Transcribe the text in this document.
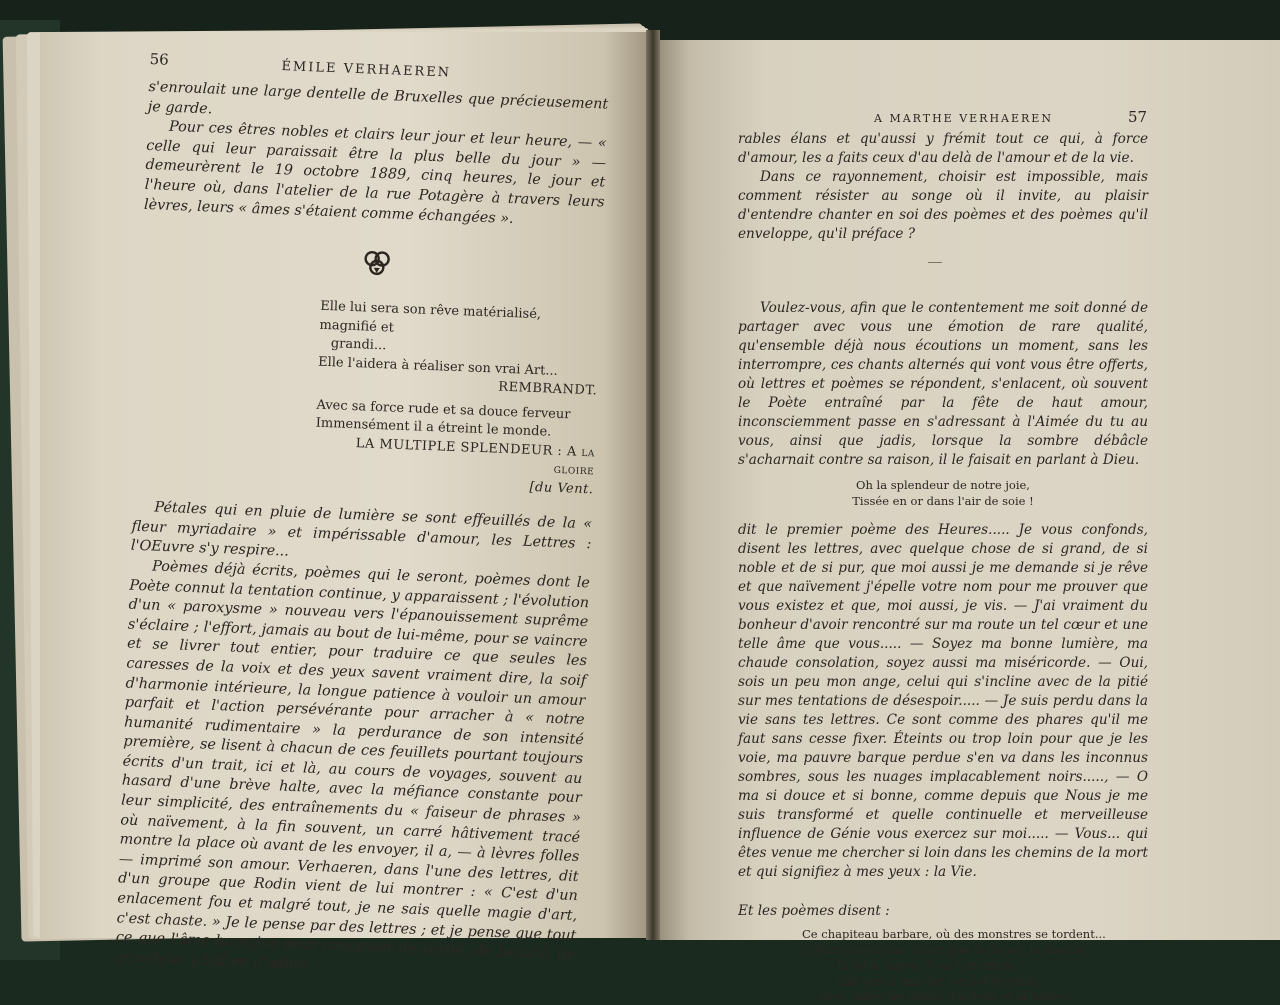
56	ÉMILE VERHAEREN

s'enroulait une large dentelle de Bruxelles que précieusement je garde.

Pour ces êtres nobles et clairs leur jour et leur heure, — « celle qui leur paraissait être la plus belle du jour » — demeurèrent le 19 octobre 1889, cinq heures, le jour et l'heure où, dans l'atelier de la rue Potagère à travers leurs lèvres, leurs « âmes s'étaient comme échangées ».

Elle lui sera son rêve matérialisé, magnifié et
grandi...
Elle l'aidera à réaliser son vrai Art...
REMBRANDT.
Avec sa force rude et sa douce ferveur
Immensément il a étreint le monde.
LA MULTIPLE SPLENDEUR : A la gloire
[du Vent.

Pétales qui en pluie de lumière se sont effeuillés de la « fleur myriadaire » et impérissable d'amour, les Lettres : l'OEuvre s'y respire...

Poèmes déjà écrits, poèmes qui le seront, poèmes dont le Poète connut la tentation continue, y apparaissent ; l'évolution d'un « paroxysme » nouveau vers l'épanouissement suprême s'éclaire ; l'effort, jamais au bout de lui-même, pour se vaincre et se livrer tout entier, pour traduire ce que seules les caresses de la voix et des yeux savent vraiment dire, la soif d'harmonie intérieure, la longue patience à vouloir un amour parfait et l'action persévérante pour arracher à « notre humanité rudimentaire » la perdurance de son intensité première, se lisent à chacun de ces feuillets pourtant toujours écrits d'un trait, ici et là, au cours de voyages, souvent au hasard d'une brève halte, avec la méfiance constante pour leur simplicité, des entraînements du « faiseur de phrases » où naïvement, à la fin souvent, un carré hâtivement tracé montre la place où avant de les envoyer, il a, — à lèvres folles — imprimé son amour. Verhaeren, dans l'une des lettres, dit d'un groupe que Rodin vient de lui montrer : « C'est d'un enlacement fou et malgré tout, je ne sais quelle magie d'art, c'est chaste. » Je le pense par des lettres ; et je pense que tout ce que l'âme humaine peut concevoir de vérité, de beauté, de grandeur, y bat en d'admi-

A MARTHE VERHAEREN	57

rables élans et qu'aussi y frémit tout ce qui, à force d'amour, les a faits ceux d'au delà de l'amour et de la vie.

Dans ce rayonnement, choisir est impossible, mais comment résister au songe où il invite, au plaisir d'entendre chanter en soi des poèmes et des poèmes qu'il enveloppe, qu'il préface ?

Voulez-vous, afin que le contentement me soit donné de partager avec vous une émotion de rare qualité, qu'ensemble déjà nous écoutions un moment, sans les interrompre, ces chants alternés qui vont vous être offerts, où lettres et poèmes se répondent, s'enlacent, où souvent le Poète entraîné par la fête de haut amour, inconsciemment passe en s'adressant à l'Aimée du tu au vous, ainsi que jadis, lorsque la sombre débâcle s'acharnait contre sa raison, il le faisait en parlant à Dieu.

Oh la splendeur de notre joie,
Tissée en or dans l'air de soie !

dit le premier poème des Heures..... Je vous confonds, disent les lettres, avec quelque chose de si grand, de si noble et de si pur, que moi aussi je me demande si je rêve et que naïvement j'épelle votre nom pour me prouver que vous existez et que, moi aussi, je vis. — J'ai vraiment du bonheur d'avoir rencontré sur ma route un tel cœur et une telle âme que vous..... — Soyez ma bonne lumière, ma chaude consolation, soyez aussi ma miséricorde. — Oui, sois un peu mon ange, celui qui s'incline avec de la pitié sur mes tentations de désespoir..... — Je suis perdu dans la vie sans tes lettres. Ce sont comme des phares qu'il me faut sans cesse fixer. Éteints ou trop loin pour que je les voie, ma pauvre barque perdue s'en va dans les inconnus sombres, sous les nuages implacablement noirs....., — O ma si douce et si bonne, comme depuis que Nous je me suis transformé et quelle continuelle et merveilleuse influence de Génie vous exercez sur moi..... — Vous... qui êtes venue me chercher si loin dans les chemins de la mort et qui signifiez à mes yeux : la Vie.

Et les poèmes disent :

Ce chapiteau barbare, où des monstres se tordent...
C'était moi-même, avant que tu fusses la mienne,
O toi la neuve, ô toi l'ancienne !
Qui vins à moi des loins d'éternité,
Avec, entre tes mains, l'ardeur et la bonté...
